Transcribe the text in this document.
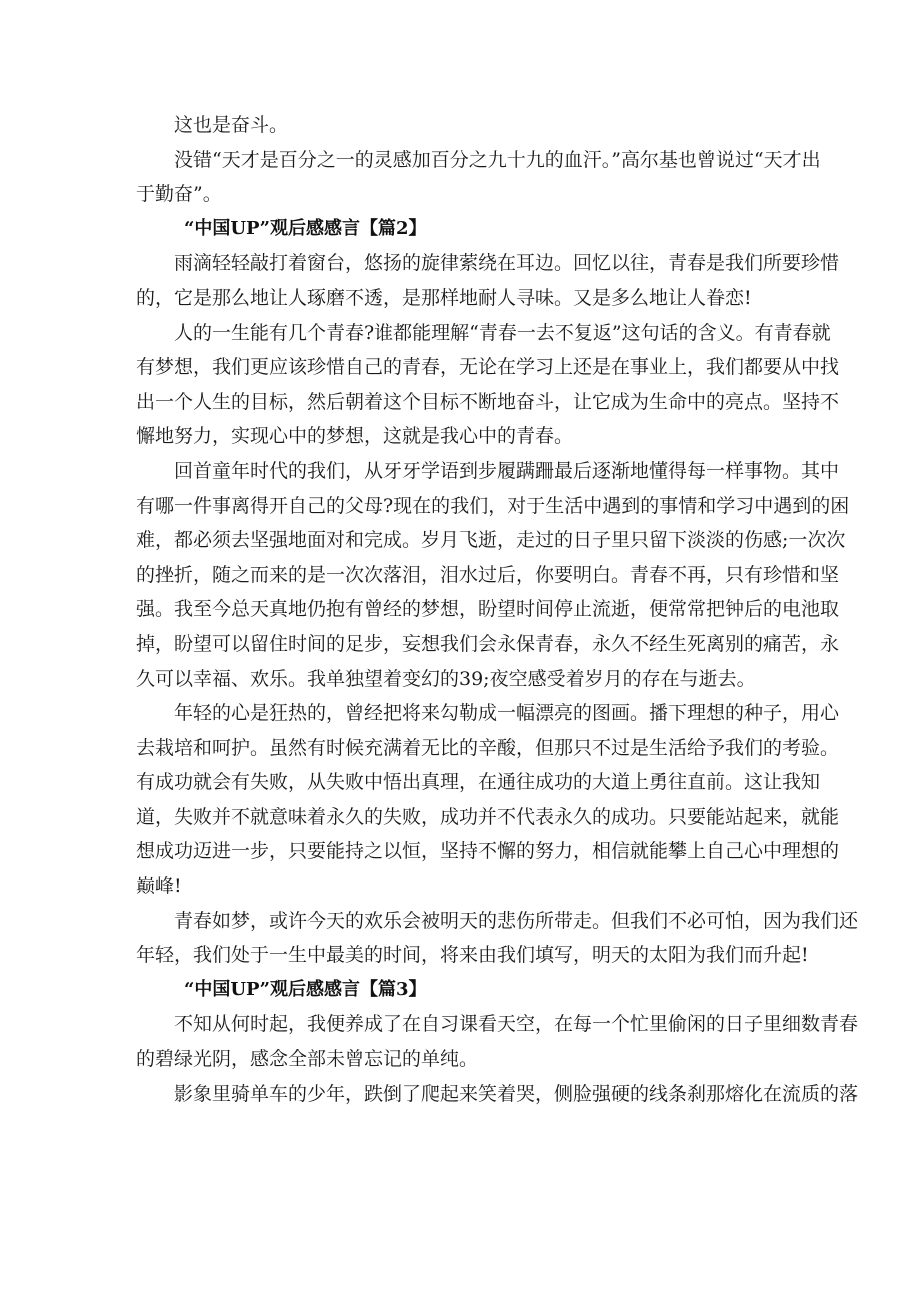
这也是奋斗。
没错“天才是百分之一的灵感加百分之九十九的血汗。”高尔基也曾说过“天才出
于勤奋”。
“中国UP”观后感感言【篇2】
雨滴轻轻敲打着窗台，悠扬的旋律萦绕在耳边。回忆以往，青春是我们所要珍惜
的，它是那么地让人琢磨不透，是那样地耐人寻味。又是多么地让人眷恋!
人的一生能有几个青春?谁都能理解“青春一去不复返”这句话的含义。有青春就
有梦想，我们更应该珍惜自己的青春，无论在学习上还是在事业上，我们都要从中找
出一个人生的目标，然后朝着这个目标不断地奋斗，让它成为生命中的亮点。坚持不
懈地努力，实现心中的梦想，这就是我心中的青春。
回首童年时代的我们，从牙牙学语到步履蹒跚最后逐渐地懂得每一样事物。其中
有哪一件事离得开自己的父母?现在的我们，对于生活中遇到的事情和学习中遇到的困
难，都必须去坚强地面对和完成。岁月飞逝，走过的日子里只留下淡淡的伤感;一次次
的挫折，随之而来的是一次次落泪，泪水过后，你要明白。青春不再，只有珍惜和坚
强。我至今总天真地仍抱有曾经的梦想，盼望时间停止流逝，便常常把钟后的电池取
掉，盼望可以留住时间的足步，妄想我们会永保青春，永久不经生死离别的痛苦，永
久可以幸福、欢乐。我单独望着变幻的39;夜空感受着岁月的存在与逝去。
年轻的心是狂热的，曾经把将来勾勒成一幅漂亮的图画。播下理想的种子，用心
去栽培和呵护。虽然有时候充满着无比的辛酸，但那只不过是生活给予我们的考验。
有成功就会有失败，从失败中悟出真理，在通往成功的大道上勇往直前。这让我知
道，失败并不就意味着永久的失败，成功并不代表永久的成功。只要能站起来，就能
想成功迈进一步，只要能持之以恒，坚持不懈的努力，相信就能攀上自己心中理想的
巅峰!
青春如梦，或许今天的欢乐会被明天的悲伤所带走。但我们不必可怕，因为我们还
年轻，我们处于一生中最美的时间，将来由我们填写，明天的太阳为我们而升起!
“中国UP”观后感感言【篇3】
不知从何时起，我便养成了在自习课看天空，在每一个忙里偷闲的日子里细数青春
的碧绿光阴，感念全部未曾忘记的单纯。
影象里骑单车的少年，跌倒了爬起来笑着哭，侧脸强硬的线条刹那熔化在流质的落
